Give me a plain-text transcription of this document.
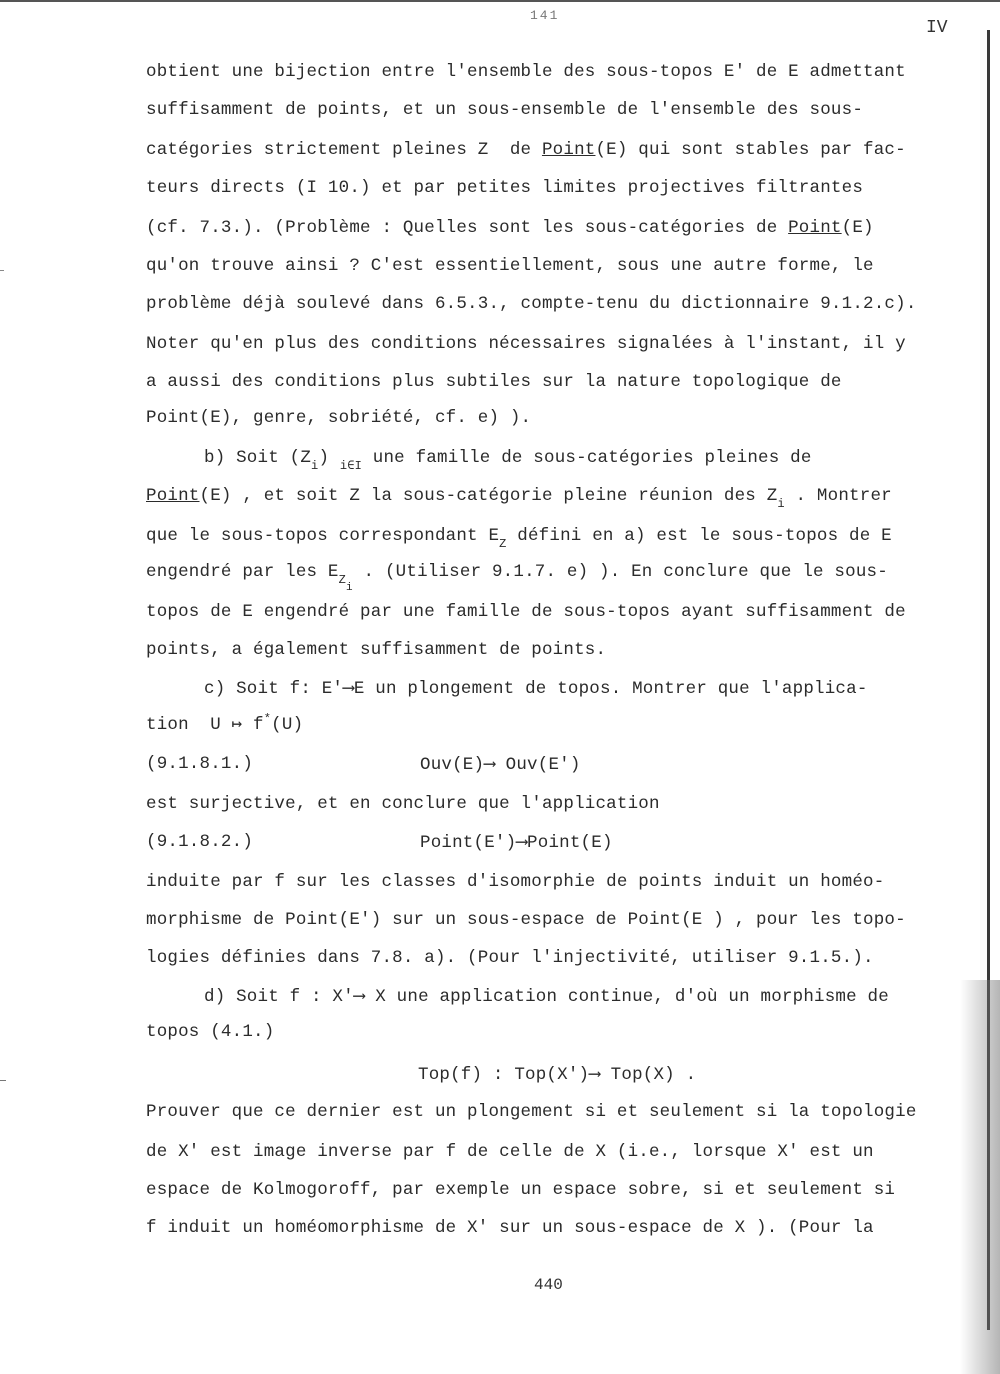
141
IV
obtient une bijection entre l'ensemble des sous-topos E' de E admettant
suffisamment de points, et un sous-ensemble de l'ensemble des sous-
catégories strictement pleines Z  de Point(E) qui sont stables par fac-
teurs directs (I 10.) et par petites limites projectives filtrantes
(cf. 7.3.). (Problème : Quelles sont les sous-catégories de Point(E)
qu'on trouve ainsi ? C'est essentiellement, sous une autre forme, le
problème déjà soulevé dans 6.5.3., compte-tenu du dictionnaire 9.1.2.c).
Noter qu'en plus des conditions nécessaires signalées à l'instant, il y
a aussi des conditions plus subtiles sur la nature topologique de
Point(E), genre, sobriété, cf. e) ).
b) Soit $(Z_i)$ $_{i\in I}$ une famille de sous-catégories pleines de
Point(E) , et soit Z la sous-catégorie pleine réunion des $Z_i$ . Montrer
que le sous-topos correspondant $E_Z$ défini en a) est le sous-topos de E
engendré par les $E_{Zi}$ . (Utiliser 9.1.7. e) ). En conclure que le sous-
topos de E engendré par une famille de sous-topos ayant suffisamment de
points, a également suffisamment de points.
c) Soit f: E'⟶E un plongement de topos. Montrer que l'applica-
tion  U ↦ f*(U)
(9.1.8.1.)	Ouv(E)⟶ Ouv(E')
est surjective, et en conclure que l'application
(9.1.8.2.)	Point(E')⟶Point(E)
induite par f sur les classes d'isomorphie de points induit un homéo-
morphisme de Point(E') sur un sous-espace de Point(E ) , pour les topo-
logies définies dans 7.8. a). (Pour l'injectivité, utiliser 9.1.5.).
d) Soit f : X'⟶ X une application continue, d'où un morphisme de
topos (4.1.)
Top(f) : Top(X')⟶ Top(X) .
Prouver que ce dernier est un plongement si et seulement si la topologie
de X' est image inverse par f de celle de X (i.e., lorsque X' est un
espace de Kolmogoroff, par exemple un espace sobre, si et seulement si
f induit un homéomorphisme de X' sur un sous-espace de X ). (Pour la
440
